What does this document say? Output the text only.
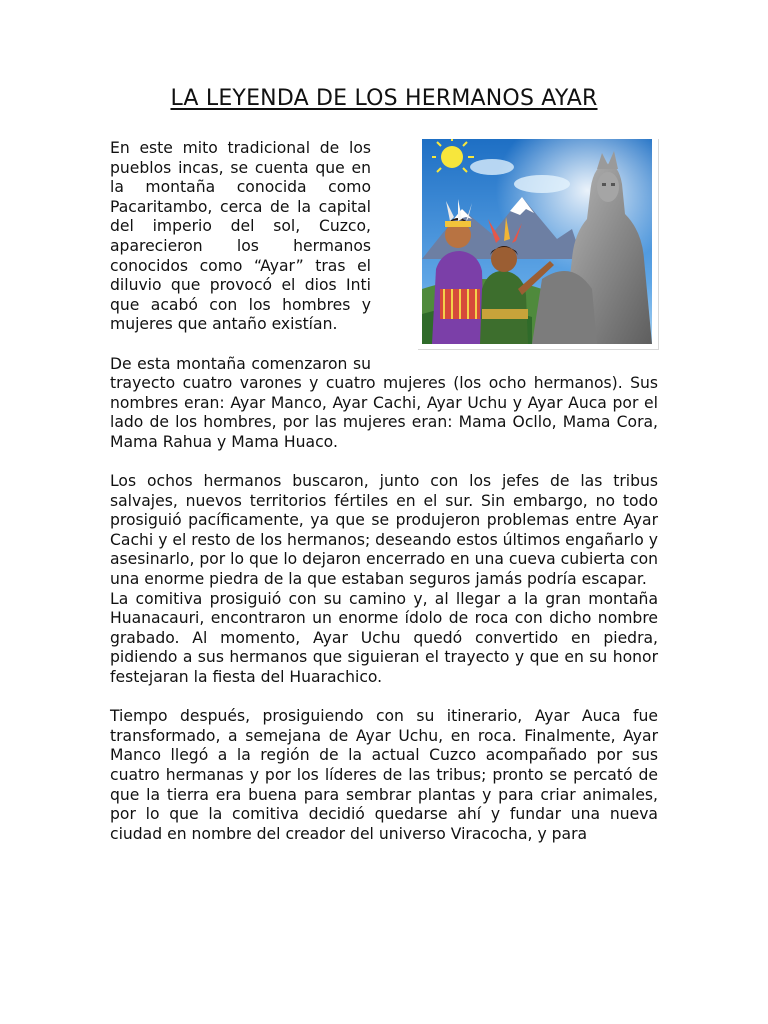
LA LEYENDA DE LOS HERMANOS AYAR

En este mito tradicional de los pueblos incas, se cuenta que en la montaña conocida como Pacaritambo, cerca de la capital del imperio del sol, Cuzco, aparecieron los hermanos conocidos como “Ayar” tras el diluvio que provocó el dios Inti que acabó con los hombres y mujeres que antaño existían.

De esta montaña comenzaron su trayecto cuatro varones y cuatro mujeres (los ocho hermanos). Sus nombres eran: Ayar Manco, Ayar Cachi, Ayar Uchu y Ayar Auca por el lado de los hombres, por las mujeres eran: Mama Ocllo, Mama Cora, Mama Rahua y Mama Huaco.

Los ochos hermanos buscaron, junto con los jefes de las tribus salvajes, nuevos territorios fértiles en el sur. Sin embargo, no todo prosiguió pacíficamente, ya que se produjeron problemas entre Ayar Cachi y el resto de los hermanos; deseando estos últimos engañarlo y asesinarlo, por lo que lo dejaron encerrado en una cueva cubierta con una enorme piedra de la que estaban seguros jamás podría escapar.

La comitiva prosiguió con su camino y, al llegar a la gran montaña Huanacauri, encontraron un enorme ídolo de roca con dicho nombre grabado. Al momento, Ayar Uchu quedó convertido en piedra, pidiendo a sus hermanos que siguieran el trayecto y que en su honor festejaran la fiesta del Huarachico.

Tiempo después, prosiguiendo con su itinerario, Ayar Auca fue transformado, a semejana de Ayar Uchu, en roca. Finalmente, Ayar Manco llegó a la región de la actual Cuzco acompañado por sus cuatro hermanas y por los líderes de las tribus; pronto se percató de que la tierra era buena para sembrar plantas y para criar animales, por lo que la comitiva decidió quedarse ahí y fundar una nueva ciudad en nombre del creador del universo Viracocha, y para
